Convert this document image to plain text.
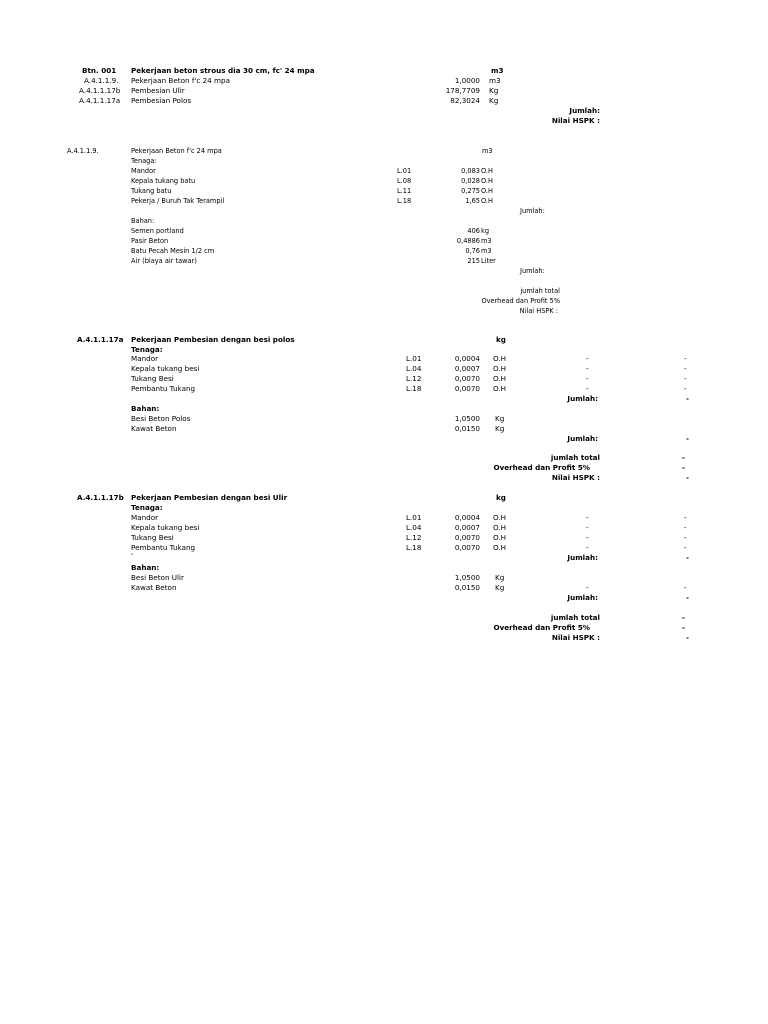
Btn. 001 Pekerjaan beton strous dia 30 cm, fc' 24 mpa	m3
A.4.1.1.9. Pekerjaan Beton f'c 24 mpa	1,0000 m3
A.4.1.1.17b Pembesian Ulir	178,7709 Kg
A.4.1.1.17a Pembesian Polos	82,3024 Kg
Jumlah:
Nilai HSPK :
A.4.1.1.9.	Pekerjaan Beton f'c 24 mpa	m3
Tenaga:
Mandor	L.01	0,083 O.H
Kepala tukang batu	L.08	0,028 O.H
Tukang batu	L.11	0,275 O.H
Pekerja / Buruh Tak Terampil	L.18	1,65 O.H
Jumlah:
Bahan:
Semen portland	406 kg
Pasir Beton	0,4886 m3
Batu Pecah Mesin 1/2 cm	0,76 m3
Air (biaya air tawar)	215 Liter
Jumlah:
jumlah total
Overhead dan Profit 5%
Nilai HSPK :
A.4.1.1.17a Pekerjaan Pembesian dengan besi polos	kg
Tenaga:
Mandor	L.01	0,0004 O.H	-	-
Kepala tukang besi	L.04	0,0007 O.H	-	-
Tukang Besi	L.12	0,0070 O.H	-	-
Pembantu Tukang	L.18	0,0070 O.H	-	-
Jumlah:	-
Bahan:
Besi Beton Polos	1,0500 Kg
Kawat Beton	0,0150 Kg
Jumlah:	-
jumlah total	-
Overhead dan Profit 5%	-
Nilai HSPK :	-
A.4.1.1.17b Pekerjaan Pembesian dengan besi Ulir	kg
Tenaga:
Mandor	L.01	0,0004 O.H	-	-
Kepala tukang besi	L.04	0,0007 O.H	-	-
Tukang Besi	L.12	0,0070 O.H	-	-
Pembantu Tukang	L.18	0,0070 O.H	-	-
'	Jumlah:	-
Bahan:
Besi Beton Ulir	1,0500 Kg
Kawat Beton	0,0150 Kg	-	-
Jumlah:	-
jumlah total	-
Overhead dan Profit 5%	-
Nilai HSPK :	-
